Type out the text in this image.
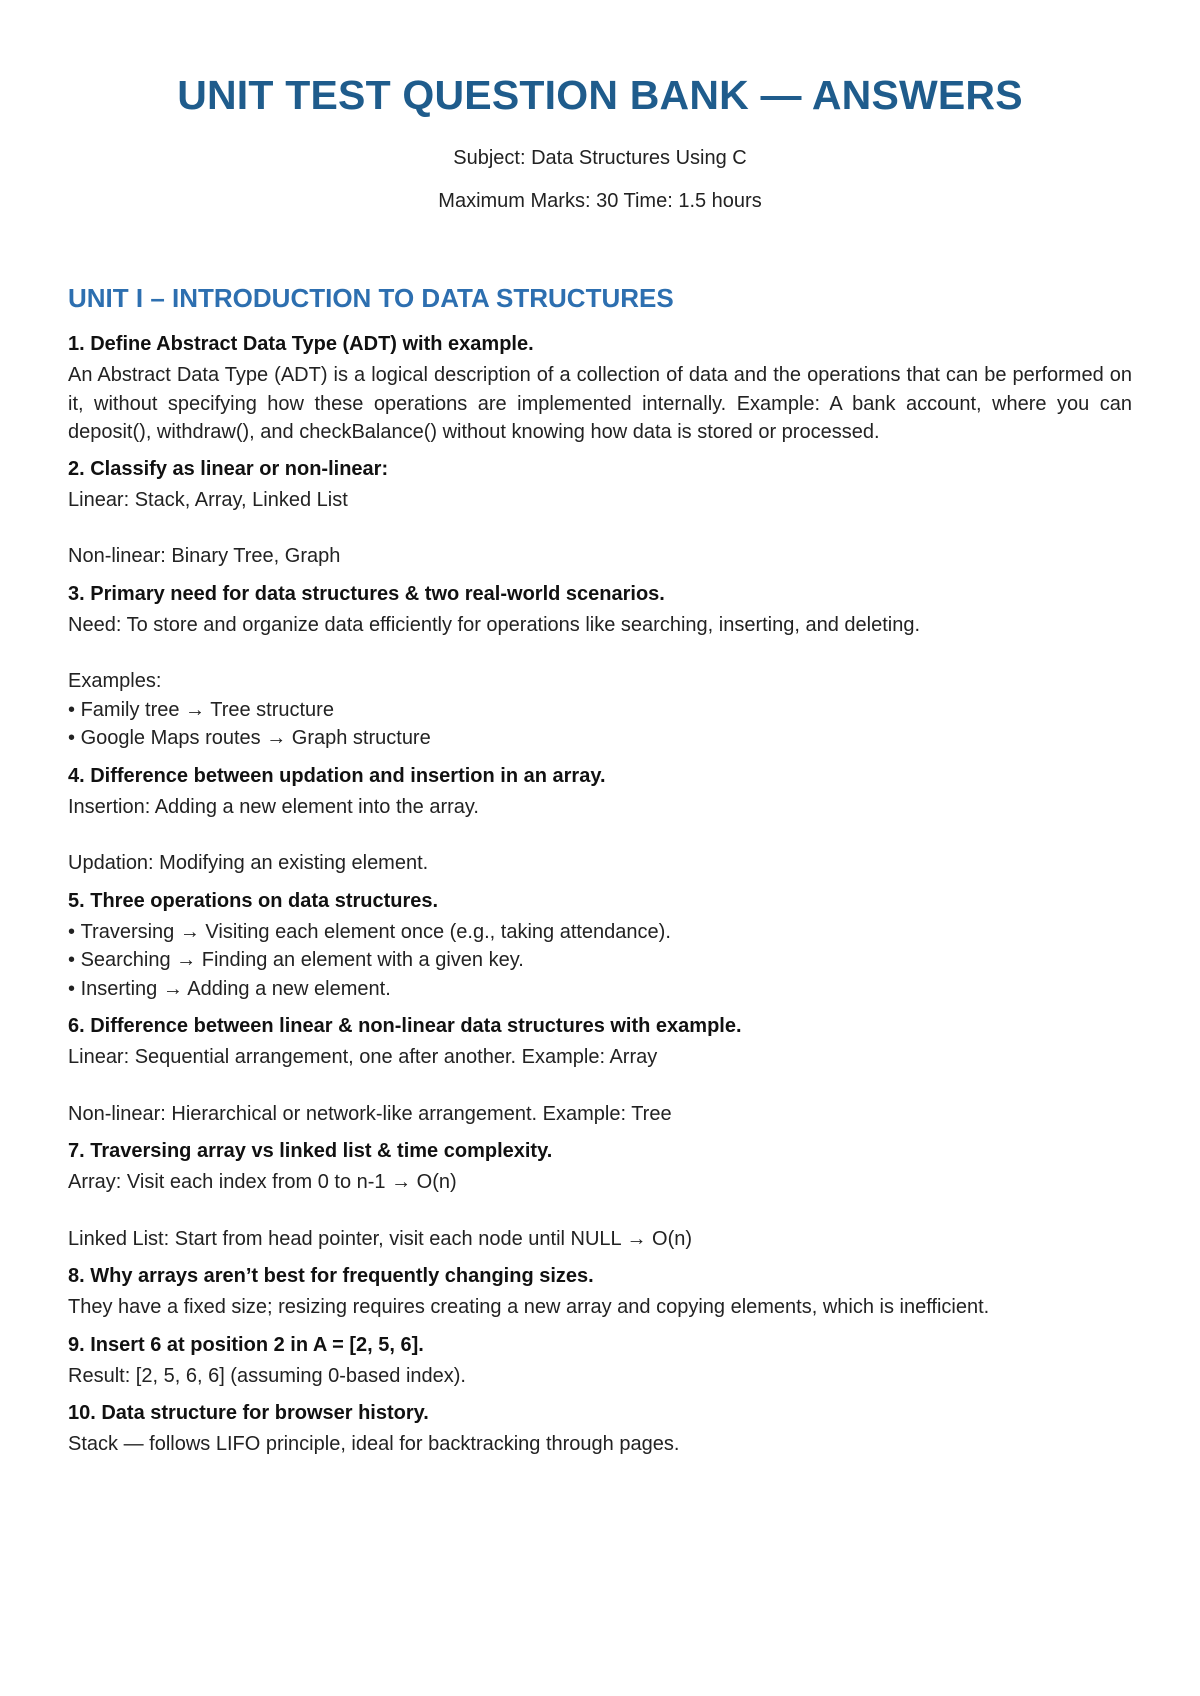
UNIT TEST QUESTION BANK — ANSWERS

Subject: Data Structures Using C

Maximum Marks: 30 Time: 1.5 hours

UNIT I – INTRODUCTION TO DATA STRUCTURES

1. Define Abstract Data Type (ADT) with example.

An Abstract Data Type (ADT) is a logical description of a collection of data and the operations that can be performed on it, without specifying how these operations are implemented internally. Example: A bank account, where you can deposit(), withdraw(), and checkBalance() without knowing how data is stored or processed.

2. Classify as linear or non-linear:

Linear: Stack, Array, Linked List

Non-linear: Binary Tree, Graph

3. Primary need for data structures & two real-world scenarios.

Need: To store and organize data efficiently for operations like searching, inserting, and deleting.

Examples:

• Family tree → Tree structure

• Google Maps routes → Graph structure

4. Difference between updation and insertion in an array.

Insertion: Adding a new element into the array.

Updation: Modifying an existing element.

5. Three operations on data structures.

• Traversing → Visiting each element once (e.g., taking attendance).

• Searching → Finding an element with a given key.

• Inserting → Adding a new element.

6. Difference between linear & non-linear data structures with example.

Linear: Sequential arrangement, one after another. Example: Array

Non-linear: Hierarchical or network-like arrangement. Example: Tree

7. Traversing array vs linked list & time complexity.

Array: Visit each index from 0 to n-1 → O(n)

Linked List: Start from head pointer, visit each node until NULL → O(n)

8. Why arrays aren’t best for frequently changing sizes.

They have a fixed size; resizing requires creating a new array and copying elements, which is inefficient.

9. Insert 6 at position 2 in A = [2, 5, 6].

Result: [2, 5, 6, 6] (assuming 0-based index).

10. Data structure for browser history.

Stack — follows LIFO principle, ideal for backtracking through pages.
